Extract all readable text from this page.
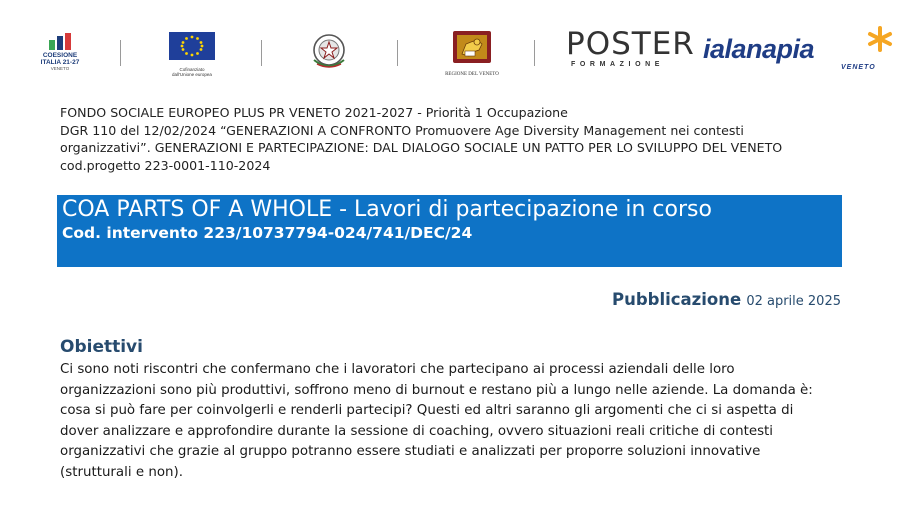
COESIONE
ITALIA 21-27
VENETO	Cofinanziato
dall'Unione europea	REGIONE DEL VENETO
POSTER
FORMAZIONE
ialanapia
VENETO
FONDO SOCIALE EUROPEO PLUS PR VENETO 2021-2027 - Priorità 1 Occupazione
DGR 110 del 12/02/2024 “GENERAZIONI A CONFRONTO Promuovere Age Diversity Management nei contesti
organizzativi”. GENERAZIONI E PARTECIPAZIONE: DAL DIALOGO SOCIALE UN PATTO PER LO SVILUPPO DEL VENETO
cod.progetto 223-0001-110-2024
COA PARTS OF A WHOLE - Lavori di partecipazione in corso
Cod. intervento 223/10737794-024/741/DEC/24
Pubblicazione 02 aprile 2025
Obiettivi
Ci sono noti riscontri che confermano che i lavoratori che partecipano ai processi aziendali delle loro
organizzazioni sono più produttivi, soffrono meno di burnout e restano più a lungo nelle aziende. La domanda è:
cosa si può fare per coinvolgerli e renderli partecipi? Questi ed altri saranno gli argomenti che ci si aspetta di
dover analizzare e approfondire durante la sessione di coaching, ovvero situazioni reali critiche di contesti
organizzativi che grazie al gruppo potranno essere studiati e analizzati per proporre soluzioni innovative
(strutturali e non).
